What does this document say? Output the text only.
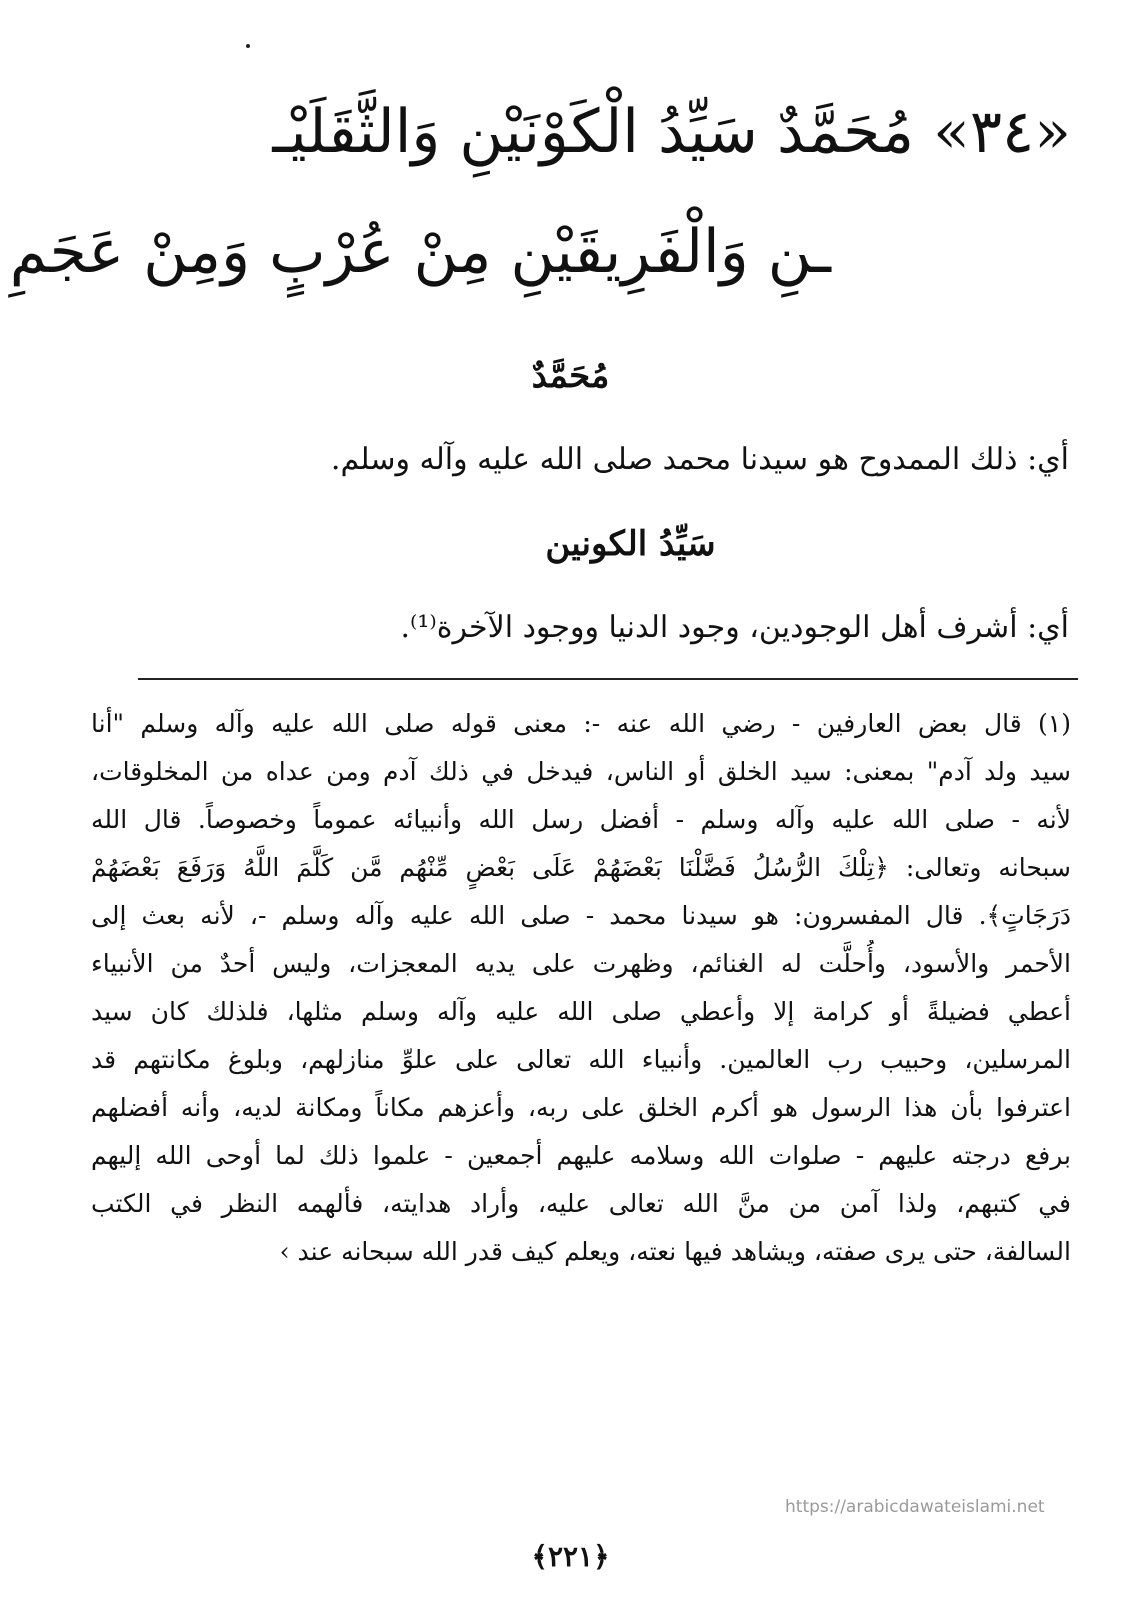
«٣٤» مُحَمَّدٌ سَيِّدُ الْكَوْنَيْنِ وَالثَّقَلَيْـ
ـنِ وَالْفَرِيقَيْنِ مِنْ عُرْبٍ وَمِنْ عَجَمِ
مُحَمَّدٌ
أي: ذلك الممدوح هو سيدنا محمد صلى الله عليه وآله وسلم.
سَيِّدُ الكونين
أي: أشرف أهل الوجودين، وجود الدنيا ووجود الآخرة⁽¹⁾.
(١) قال بعض العارفين - رضي الله عنه -: معنى قوله صلى الله عليه وآله وسلم "أنا
سيد ولد آدم" بمعنى: سيد الخلق أو الناس، فيدخل في ذلك آدم ومن عداه من المخلوقات،
لأنه - صلى الله عليه وآله وسلم - أفضل رسل الله وأنبيائه عموماً وخصوصاً. قال الله
سبحانه وتعالى: ﴿تِلْكَ الرُّسُلُ فَضَّلْنَا بَعْضَهُمْ عَلَى بَعْضٍ مِّنْهُم مَّن كَلَّمَ اللَّهُ وَرَفَعَ بَعْضَهُمْ
دَرَجَاتٍ﴾. قال المفسرون: هو سيدنا محمد - صلى الله عليه وآله وسلم -، لأنه بعث إلى
الأحمر والأسود، وأُحلَّت له الغنائم، وظهرت على يديه المعجزات، وليس أحدٌ من الأنبياء
أعطي فضيلةً أو كرامة إلا وأعطي صلى الله عليه وآله وسلم مثلها، فلذلك كان سيد
المرسلين، وحبيب رب العالمين. وأنبياء الله تعالى على علوِّ منازلهم، وبلوغ مكانتهم قد
اعترفوا بأن هذا الرسول هو أكرم الخلق على ربه، وأعزهم مكاناً ومكانة لديه، وأنه أفضلهم
برفع درجته عليهم - صلوات الله وسلامه عليهم أجمعين - علموا ذلك لما أوحى الله إليهم
في كتبهم، ولذا آمن من منَّ الله تعالى عليه، وأراد هدايته، فألهمه النظر في الكتب
السالفة، حتى يرى صفته، ويشاهد فيها نعته، ويعلم كيف قدر الله سبحانه عند ›
https://arabicdawateislami.net
﴿٢٢١﴾
